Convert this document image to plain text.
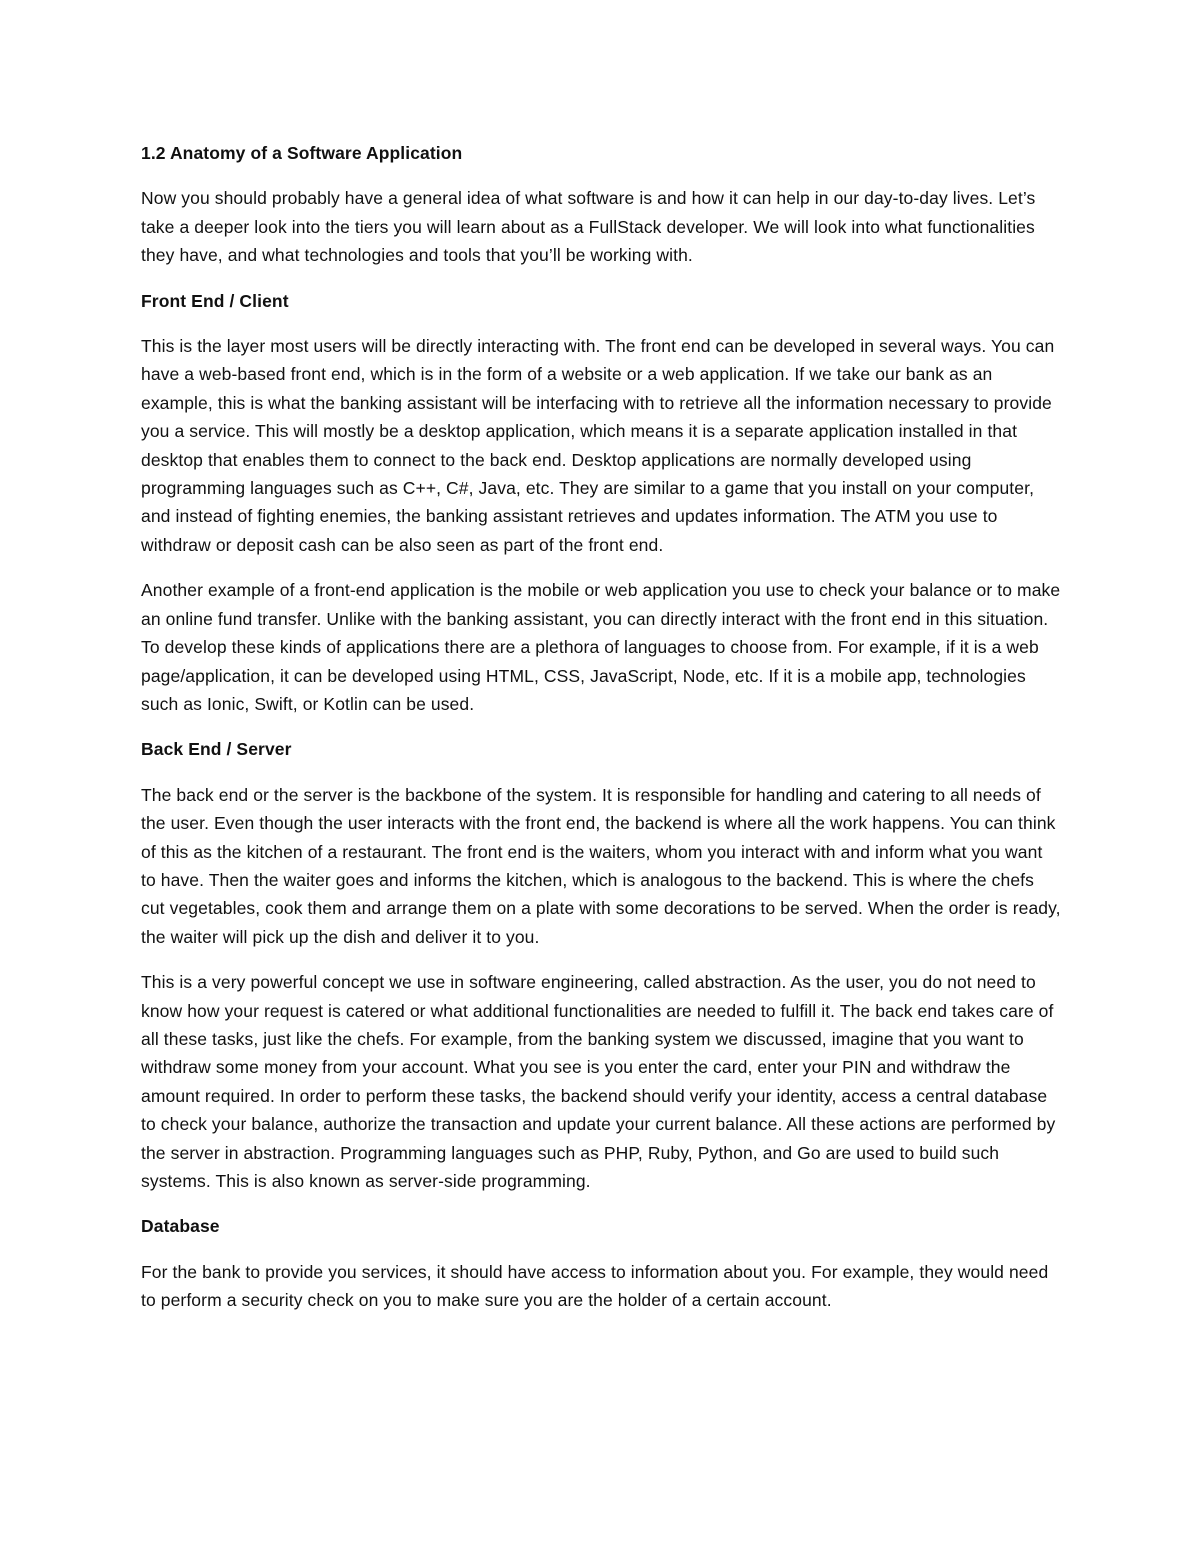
1.2 Anatomy of a Software Application

Now you should probably have a general idea of what software is and how it can help in our day-to-day lives. Let’s take a deeper look into the tiers you will learn about as a FullStack developer. We will look into what functionalities they have, and what technologies and tools that you’ll be working with.

Front End / Client

This is the layer most users will be directly interacting with. The front end can be developed in several ways. You can have a web-based front end, which is in the form of a website or a web application. If we take our bank as an example, this is what the banking assistant will be interfacing with to retrieve all the information necessary to provide you a service. This will mostly be a desktop application, which means it is a separate application installed in that desktop that enables them to connect to the back end. Desktop applications are normally developed using programming languages such as C++, C#, Java, etc. They are similar to a game that you install on your computer, and instead of fighting enemies, the banking assistant retrieves and updates information. The ATM you use to withdraw or deposit cash can be also seen as part of the front end.

Another example of a front-end application is the mobile or web application you use to check your balance or to make an online fund transfer. Unlike with the banking assistant, you can directly interact with the front end in this situation. To develop these kinds of applications there are a plethora of languages to choose from. For example, if it is a web page/application, it can be developed using HTML, CSS, JavaScript, Node, etc. If it is a mobile app, technologies such as Ionic, Swift, or Kotlin can be used.

Back End / Server

The back end or the server is the backbone of the system. It is responsible for handling and catering to all needs of the user. Even though the user interacts with the front end, the backend is where all the work happens. You can think of this as the kitchen of a restaurant. The front end is the waiters, whom you interact with and inform what you want to have. Then the waiter goes and informs the kitchen, which is analogous to the backend. This is where the chefs cut vegetables, cook them and arrange them on a plate with some decorations to be served. When the order is ready, the waiter will pick up the dish and deliver it to you.

This is a very powerful concept we use in software engineering, called abstraction. As the user, you do not need to know how your request is catered or what additional functionalities are needed to fulfill it. The back end takes care of all these tasks, just like the chefs. For example, from the banking system we discussed, imagine that you want to withdraw some money from your account. What you see is you enter the card, enter your PIN and withdraw the amount required. In order to perform these tasks, the backend should verify your identity, access a central database to check your balance, authorize the transaction and update your current balance. All these actions are performed by the server in abstraction. Programming languages such as PHP, Ruby, Python, and Go are used to build such systems. This is also known as server-side programming.

Database

For the bank to provide you services, it should have access to information about you. For example, they would need to perform a security check on you to make sure you are the holder of a certain account.
